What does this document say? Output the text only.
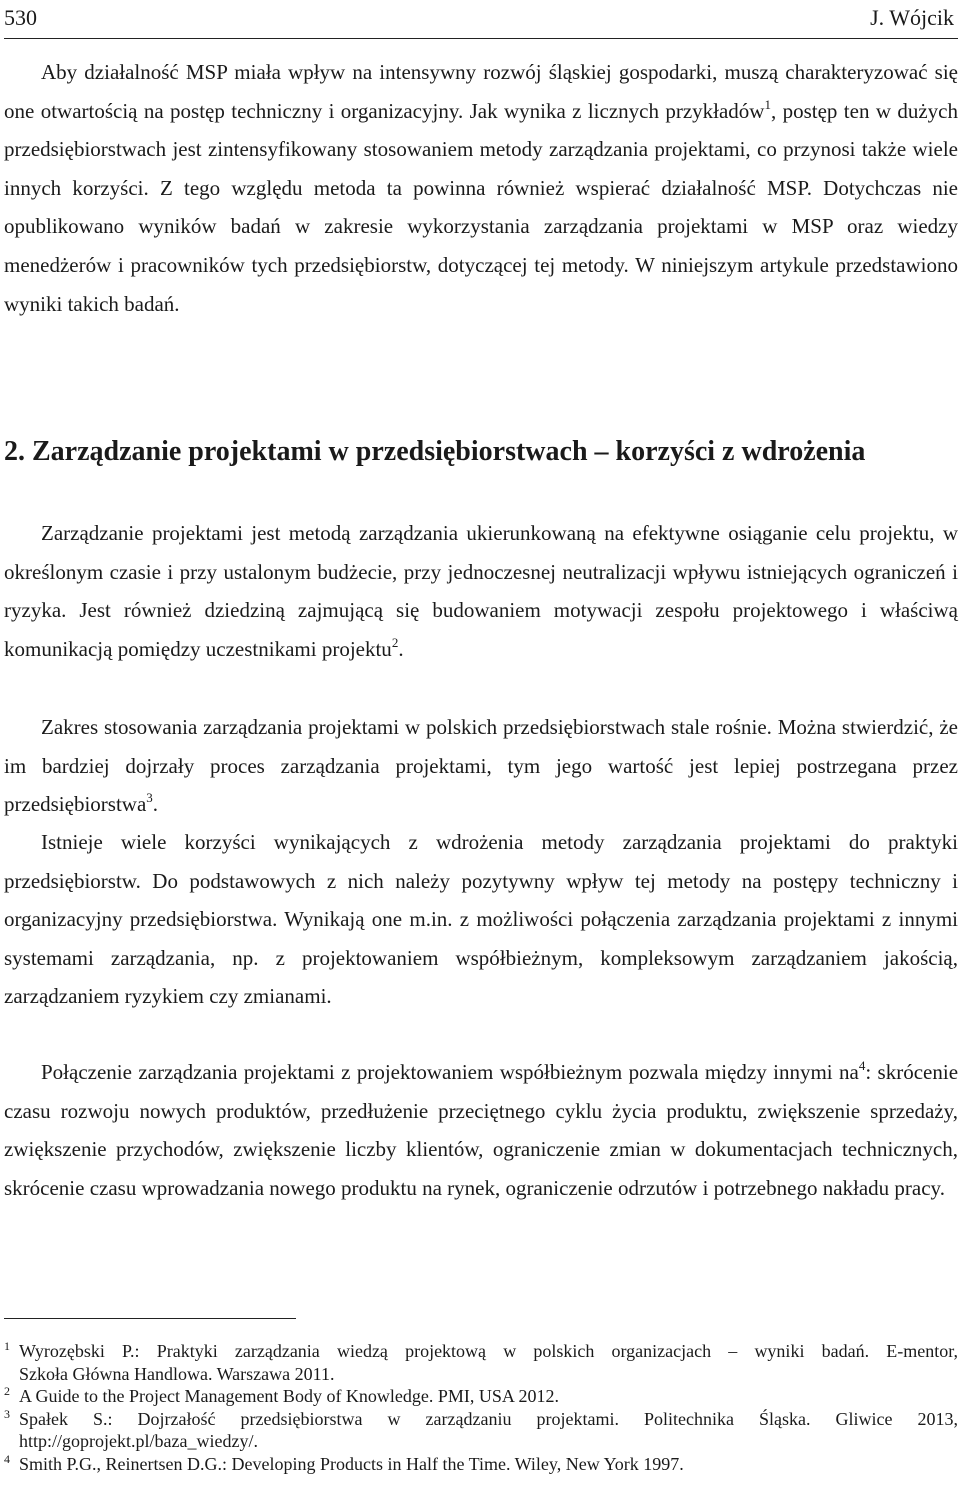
530	J. Wójcik

Aby działalność MSP miała wpływ na intensywny rozwój śląskiej gospodarki, muszą charakteryzować się one otwartością na postęp techniczny i organizacyjny. Jak wynika z licznych przykładów$^1$, postęp ten w dużych przedsiębiorstwach jest zintensyfikowany stosowaniem metody zarządzania projektami, co przynosi także wiele innych korzyści. Z tego względu metoda ta powinna również wspierać działalność MSP. Dotychczas nie opublikowano wyników badań w zakresie wykorzystania zarządzania projektami w MSP oraz wiedzy menedżerów i pracowników tych przedsiębiorstw, dotyczącej tej metody. W niniejszym artykule przedstawiono wyniki takich badań.

2. Zarządzanie projektami w przedsiębiorstwach – korzyści z wdrożenia

Zarządzanie projektami jest metodą zarządzania ukierunkowaną na efektywne osiąganie celu projektu, w określonym czasie i przy ustalonym budżecie, przy jednoczesnej neutralizacji wpływu istniejących ograniczeń i ryzyka. Jest również dziedziną zajmującą się budowaniem motywacji zespołu projektowego i właściwą komunikacją pomiędzy uczestnikami projektu$^2$.

Zakres stosowania zarządzania projektami w polskich przedsiębiorstwach stale rośnie. Można stwierdzić, że im bardziej dojrzały proces zarządzania projektami, tym jego wartość jest lepiej postrzegana przez przedsiębiorstwa$^3$.

Istnieje wiele korzyści wynikających z wdrożenia metody zarządzania projektami do praktyki przedsiębiorstw. Do podstawowych z nich należy pozytywny wpływ tej metody na postępy techniczny i organizacyjny przedsiębiorstwa. Wynikają one m.in. z możliwości połączenia zarządzania projektami z innymi systemami zarządzania, np. z projektowaniem współbieżnym, kompleksowym zarządzaniem jakością, zarządzaniem ryzykiem czy zmianami.

Połączenie zarządzania projektami z projektowaniem współbieżnym pozwala między innymi $na^4$: skrócenie czasu rozwoju nowych produktów, przedłużenie przeciętnego cyklu życia produktu, zwiększenie sprzedaży, zwiększenie przychodów, zwiększenie liczby klientów, ograniczenie zmian w dokumentacjach technicznych, skrócenie czasu wprowadzania nowego produktu na rynek, ograniczenie odrzutów i potrzebnego nakładu pracy.

1 Wyrozębski P.: Praktyki zarządzania wiedzą projektową w polskich organizacjach – wyniki badań. E-mentor,
Szkoła Główna Handlowa. Warszawa 2011.

2 A Guide to the Project Management Body of Knowledge. PMI, USA 2012.

3 Spałek S.: Dojrzałość przedsiębiorstwa w zarządzaniu projektami. Politechnika Śląska. Gliwice 2013,
http://goprojekt.pl/baza_wiedzy/.

4 Smith P.G., Reinertsen D.G.: Developing Products in Half the Time. Wiley, New York 1997.
